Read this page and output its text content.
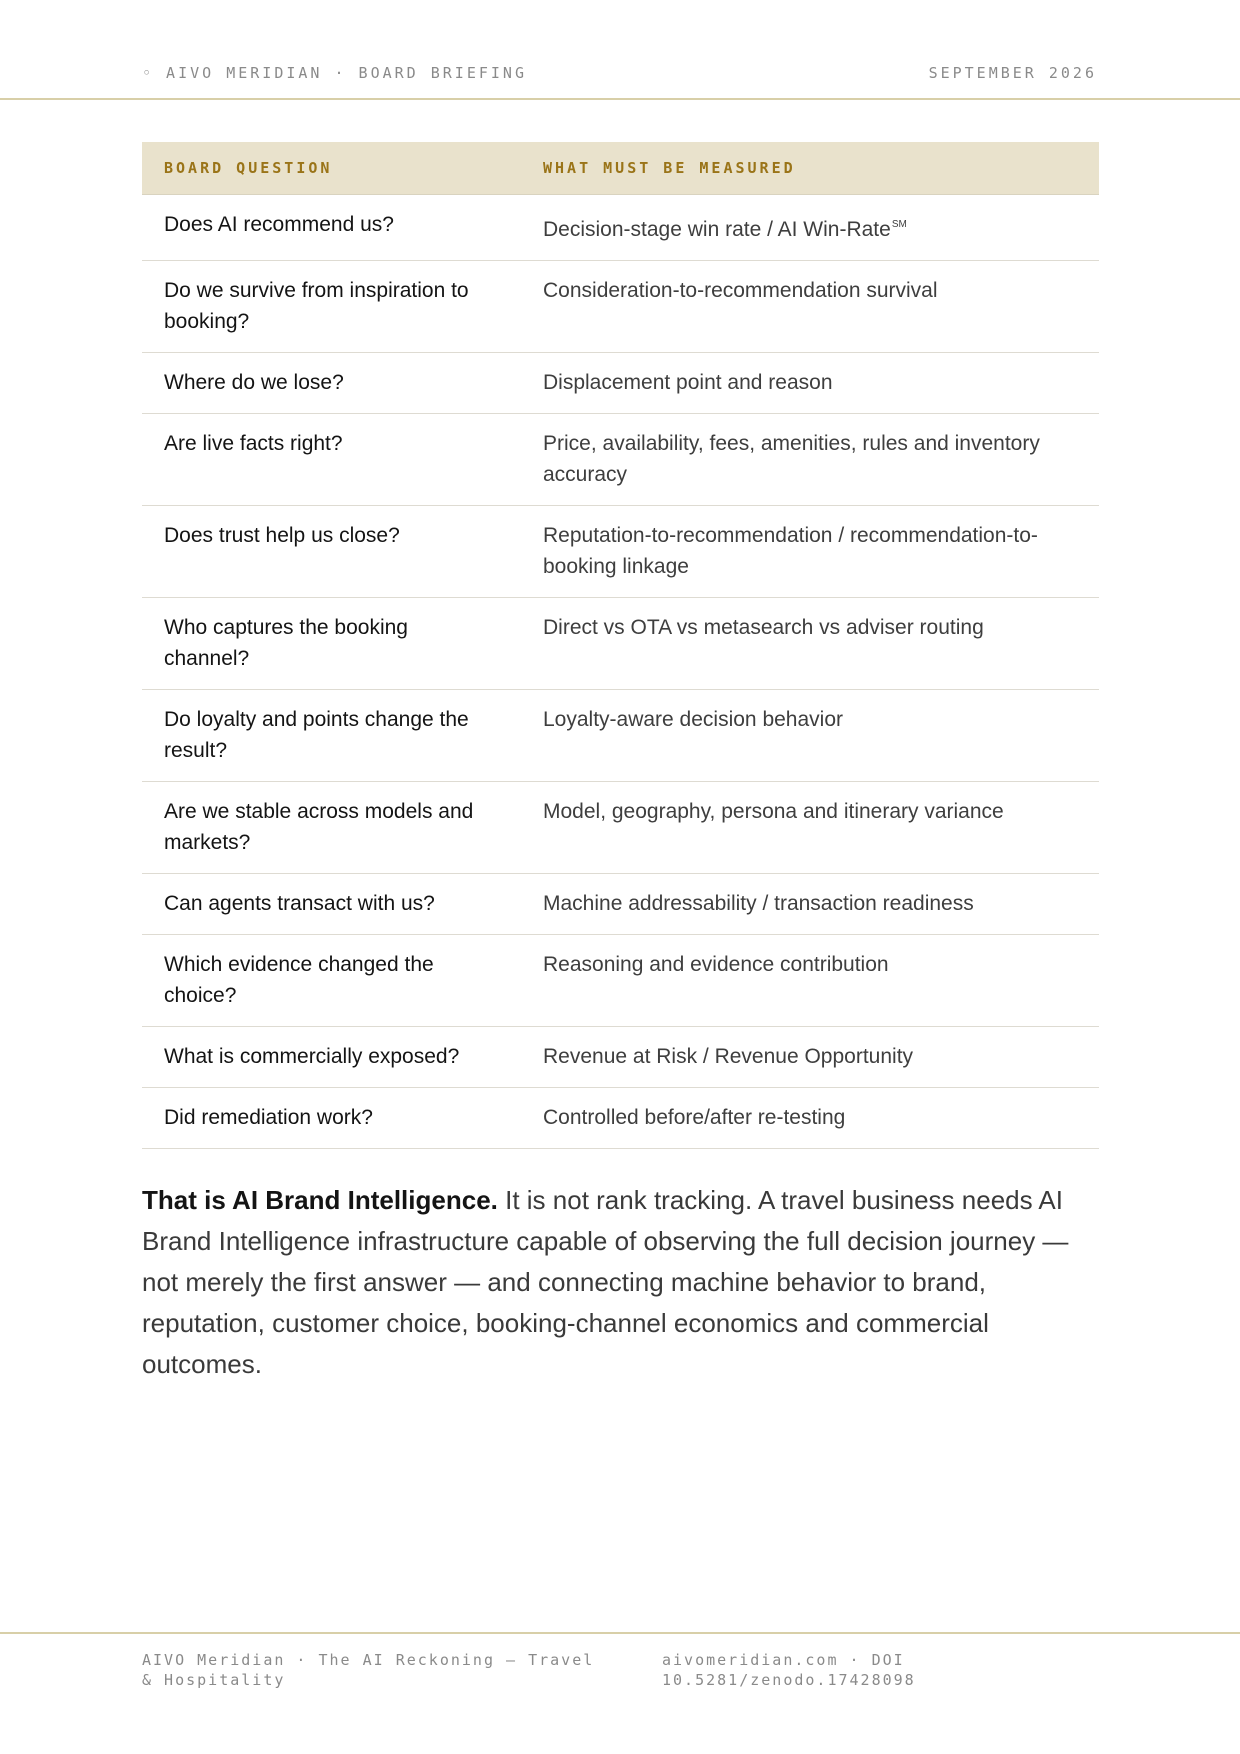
◦ AIVO MERIDIAN · BOARD BRIEFING	SEPTEMBER 2026
BOARD QUESTION	WHAT MUST BE MEASURED
Does AI recommend us?	Decision-stage win rate / AI Win-Rate℠
Do we survive from inspiration to booking?	Consideration-to-recommendation survival
Where do we lose?	Displacement point and reason
Are live facts right?	Price, availability, fees, amenities, rules and inventory accuracy
Does trust help us close?	Reputation-to-recommendation / recommendation-to-booking linkage
Who captures the booking channel?	Direct vs OTA vs metasearch vs adviser routing
Do loyalty and points change the result?	Loyalty-aware decision behavior
Are we stable across models and markets?	Model, geography, persona and itinerary variance
Can agents transact with us?	Machine addressability / transaction readiness
Which evidence changed the choice?	Reasoning and evidence contribution
What is commercially exposed?	Revenue at Risk / Revenue Opportunity
Did remediation work?	Controlled before/after re-testing

That is AI Brand Intelligence. It is not rank tracking. A travel business needs AI Brand Intelligence infrastructure capable of observing the full decision journey — not merely the first answer — and connecting machine behavior to brand, reputation, customer choice, booking-channel economics and commercial outcomes.

AIVO Meridian · The AI Reckoning — Travel & Hospitality
aivomeridian.com · DOI 10.5281/zenodo.17428098
